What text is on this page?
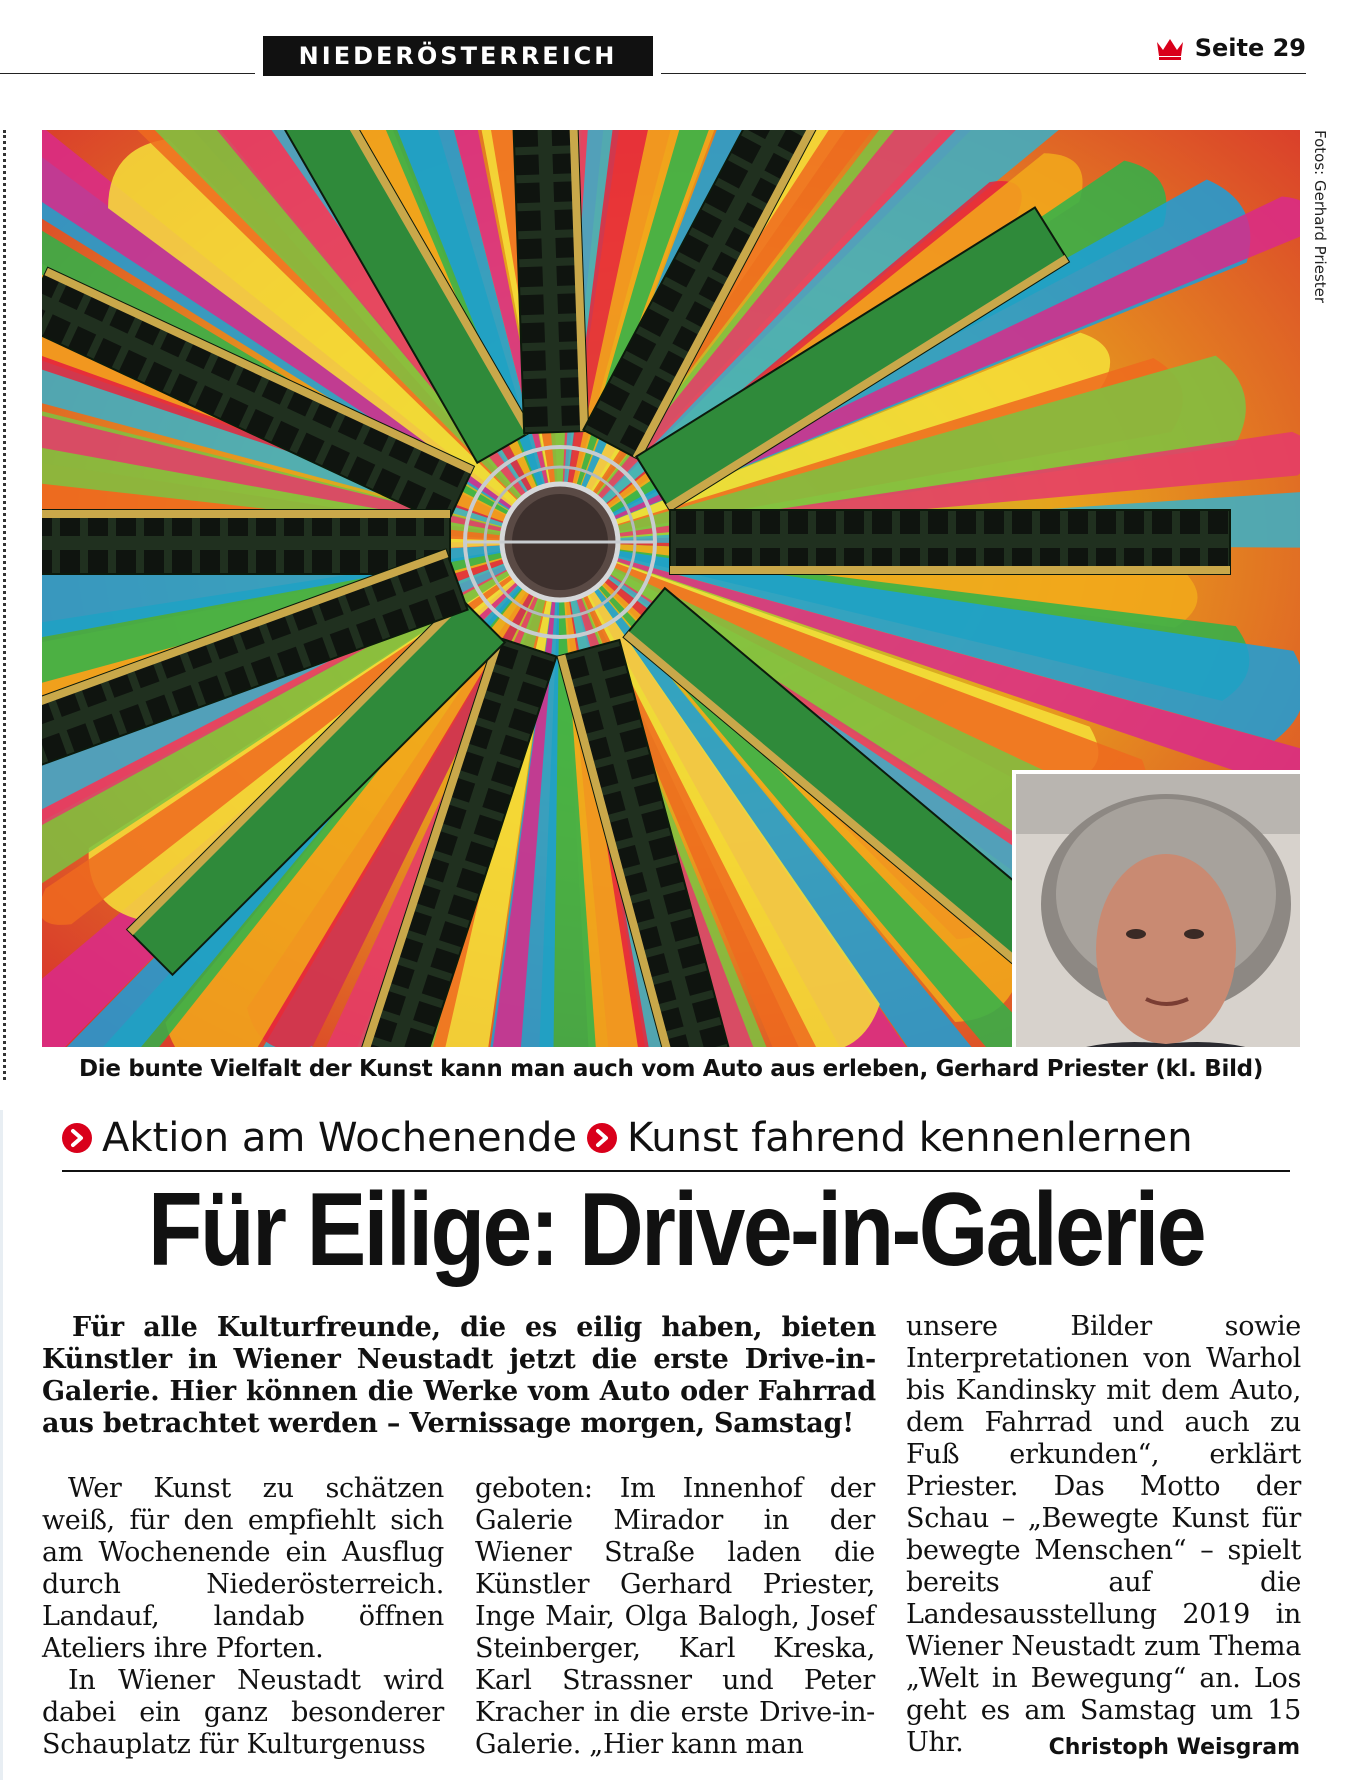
NIEDERÖSTERREICH	Seite 29
Fotos: Gerhard Priester
Die bunte Vielfalt der Kunst kann man auch vom Auto aus erleben, Gerhard Priester (kl. Bild)
Aktion am Wochenende Kunst fahrend kennenlernen
Für Eilige: Drive-in-Galerie
Für alle Kulturfreunde, die es eilig haben, bieten Künstler in Wiener Neustadt jetzt die erste Drive-in-Galerie. Hier können die Werke vom Auto oder Fahrrad aus betrachtet werden – Vernissage morgen, Samstag!

Wer Kunst zu schätzen weiß, für den empfiehlt sich am Wochenende ein Ausflug durch Niederösterreich. Landauf, landab öffnen Ateliers ihre Pforten.

In Wiener Neustadt wird dabei ein ganz besonderer Schauplatz für Kulturgenuss

geboten: Im Innenhof der Galerie Mirador in der Wiener Straße laden die Künstler Gerhard Priester, Inge Mair, Olga Balogh, Josef Steinberger, Karl Kreska, Karl Strassner und Peter Kracher in die erste Drive-in-Galerie. „Hier kann man

unsere Bilder sowie Interpretationen von Warhol bis Kandinsky mit dem Auto, dem Fahrrad und auch zu Fuß erkunden“, erklärt Priester. Das Motto der Schau – „Bewegte Kunst für bewegte Menschen“ – spielt bereits auf die Landesausstellung 2019 in Wiener Neustadt zum Thema „Welt in Bewegung“ an. Los geht es am Samstag um 15 Uhr.	Christoph Weisgram
